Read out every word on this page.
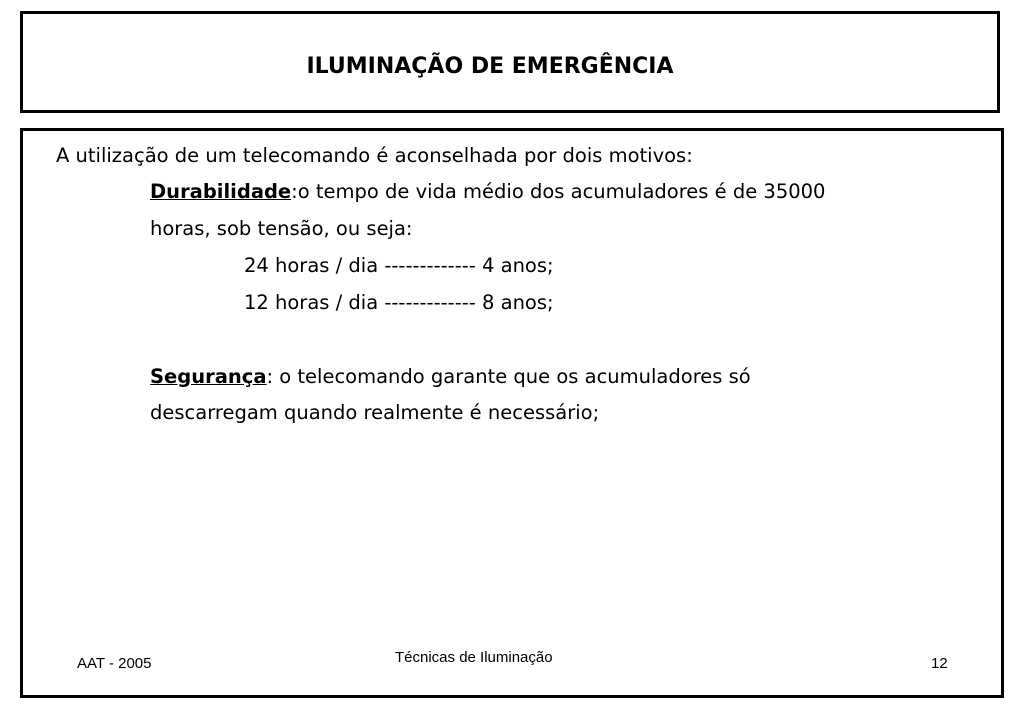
ILUMINAÇÃO DE EMERGÊNCIA
A utilização de um telecomando é aconselhada por dois motivos:
Durabilidade:o tempo de vida médio dos acumuladores é de 35000
horas, sob tensão, ou seja:
24 horas / dia ------------- 4 anos;
12 horas / dia ------------- 8 anos;
Segurança: o telecomando garante que os acumuladores só
descarregam quando realmente é necessário;
AAT - 2005	Técnicas de Iluminação	12
